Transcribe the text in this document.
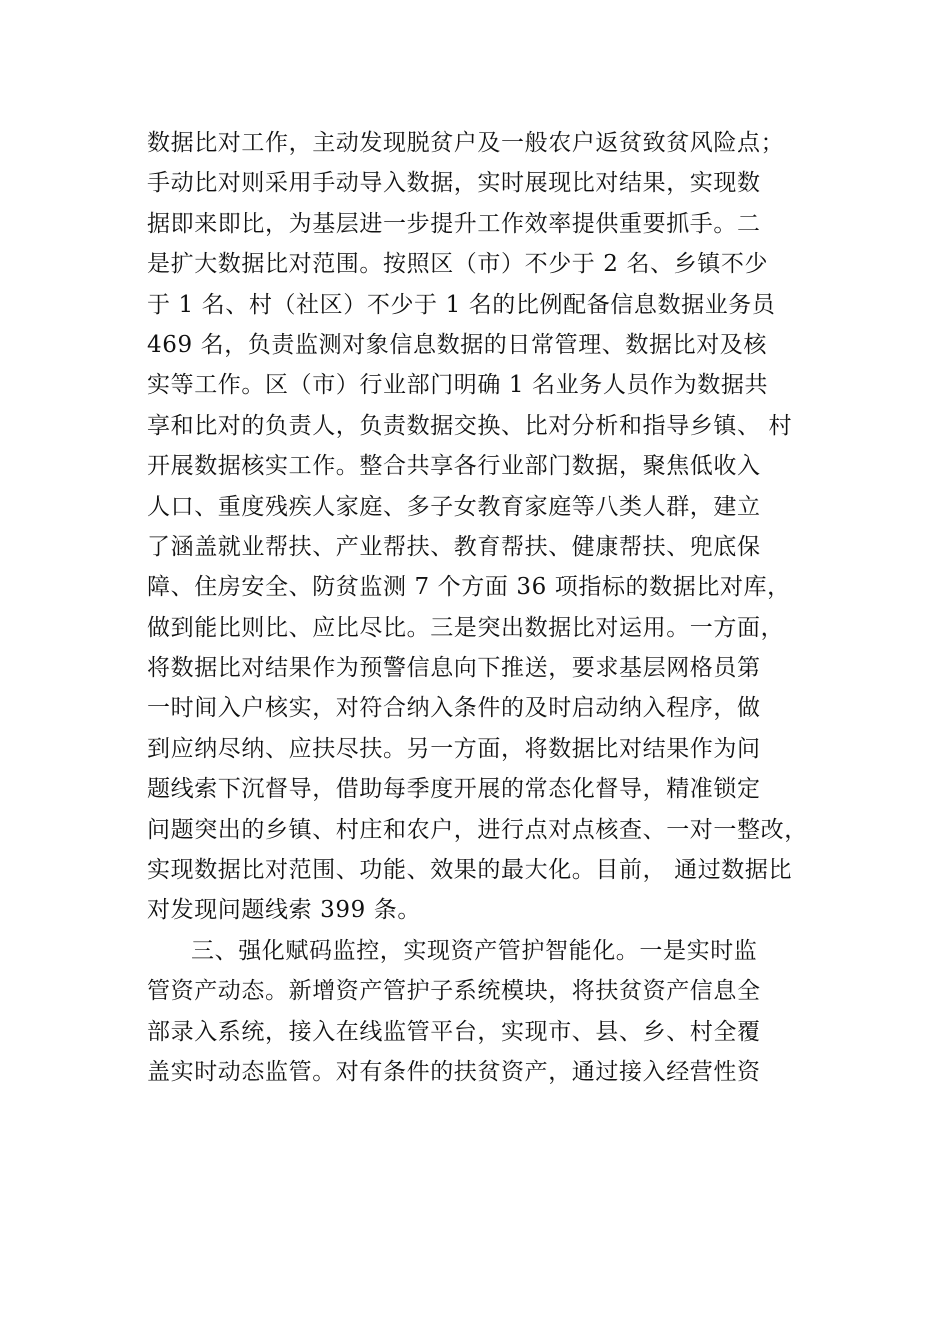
数据比对工作，主动发现脱贫户及一般农户返贫致贫风险点；
手动比对则采用手动导入数据，实时展现比对结果，实现数
据即来即比，为基层进一步提升工作效率提供重要抓手。二
是扩大数据比对范围。按照区（市）不少于 2 名、乡镇不少
于 1 名、村（社区）不少于 1 名的比例配备信息数据业务员
469 名，负责监测对象信息数据的日常管理、数据比对及核
实等工作。区（市）行业部门明确 1 名业务人员作为数据共
享和比对的负责人，负责数据交换、比对分析和指导乡镇、 村
开展数据核实工作。整合共享各行业部门数据，聚焦低收入
人口、重度残疾人家庭、多子女教育家庭等八类人群，建立
了涵盖就业帮扶、产业帮扶、教育帮扶、健康帮扶、兜底保
障、住房安全、防贫监测 7 个方面 36 项指标的数据比对库，
做到能比则比、应比尽比。三是突出数据比对运用。一方面，
将数据比对结果作为预警信息向下推送，要求基层网格员第
一时间入户核实，对符合纳入条件的及时启动纳入程序，做
到应纳尽纳、应扶尽扶。另一方面，将数据比对结果作为问
题线索下沉督导，借助每季度开展的常态化督导，精准锁定
问题突出的乡镇、村庄和农户，进行点对点核查、一对一整改，
实现数据比对范围、功能、效果的最大化。目前， 通过数据比
对发现问题线索 399 条。
三、强化赋码监控，实现资产管护智能化。一是实时监
管资产动态。新增资产管护子系统模块，将扶贫资产信息全
部录入系统，接入在线监管平台，实现市、县、乡、村全覆
盖实时动态监管。对有条件的扶贫资产，通过接入经营性资
